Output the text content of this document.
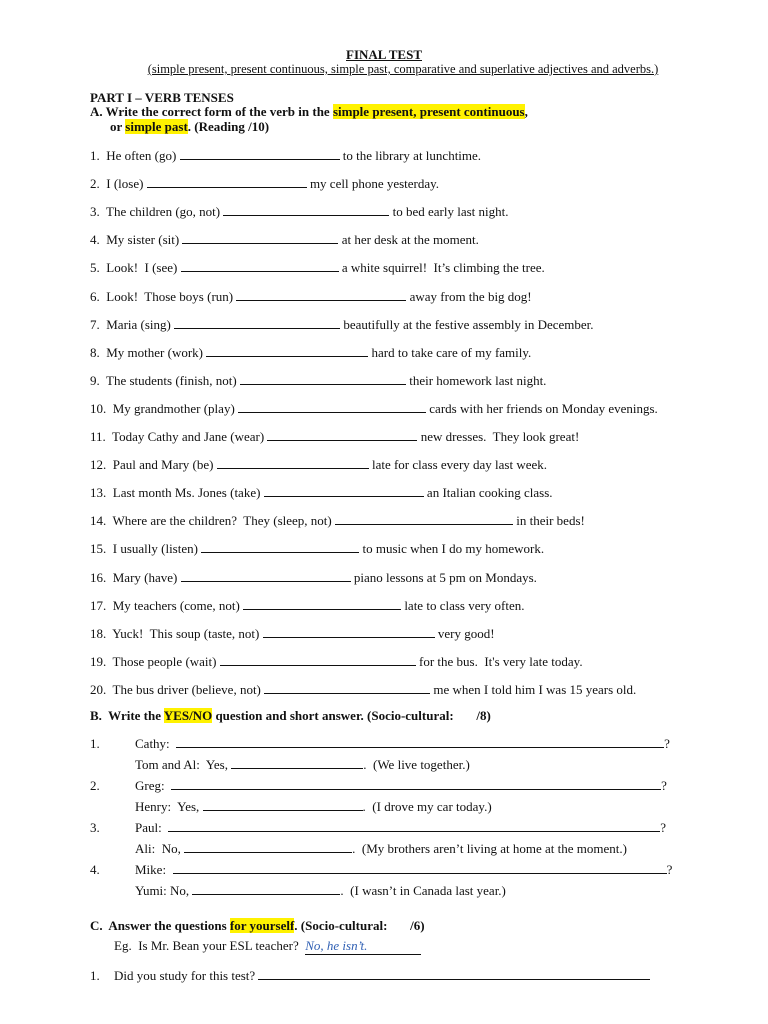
FINAL TEST
(simple present, present continuous, simple past, comparative and superlative adjectives and adverbs.)
PART I – VERB TENSES
A. Write the correct form of the verb in the simple present, present continuous,
or simple past. (Reading /10)
1. He often (go)	to the library at lunchtime.
2. I (lose)	my cell phone yesterday.
3. The children (go, not)	to bed early last night.
4. My sister (sit)	at her desk at the moment.
5. Look!  I (see)	a white squirrel!  It’s climbing the tree.
6. Look!  Those boys (run)	away from the big dog!
7. Maria (sing)	beautifully at the festive assembly in December.
8. My mother (work)	hard to take care of my family.
9. The students (finish, not)	their homework last night.
10. My grandmother (play)	cards with her friends on Monday evenings.
11. Today Cathy and Jane (wear)	new dresses.  They look great!
12. Paul and Mary (be)	late for class every day last week.
13. Last month Ms. Jones (take)	an Italian cooking class.
14. Where are the children?  They (sleep, not)	in their beds!
15. I usually (listen)	to music when I do my homework.
16. Mary (have)	piano lessons at 5 pm on Mondays.
17. My teachers (come, not)	late to class very often.
18. Yuck!  This soup (taste, not)	very good!
19. Those people (wait)	for the bus.  It's very late today.
20. The bus driver (believe, not)	me when I told him I was 15 years old.
B.  Write the YES/NO question and short answer. (Socio-cultural:       /8)
1.	Cathy:	?
Tom and Al:  Yes,	.  (We live together.)
2.	Greg:	?
Henry:  Yes,	.  (I drove my car today.)
3.	Paul:	?
Ali:  No,	.  (My brothers aren’t living at home at the moment.)
4.	Mike:	?
Yumi: No,	.  (I wasn’t in Canada last year.)
C.  Answer the questions for yourself. (Socio-cultural:       /6)
Eg.  Is Mr. Bean your ESL teacher? No, he isn’t.
1. Did you study for this test?
